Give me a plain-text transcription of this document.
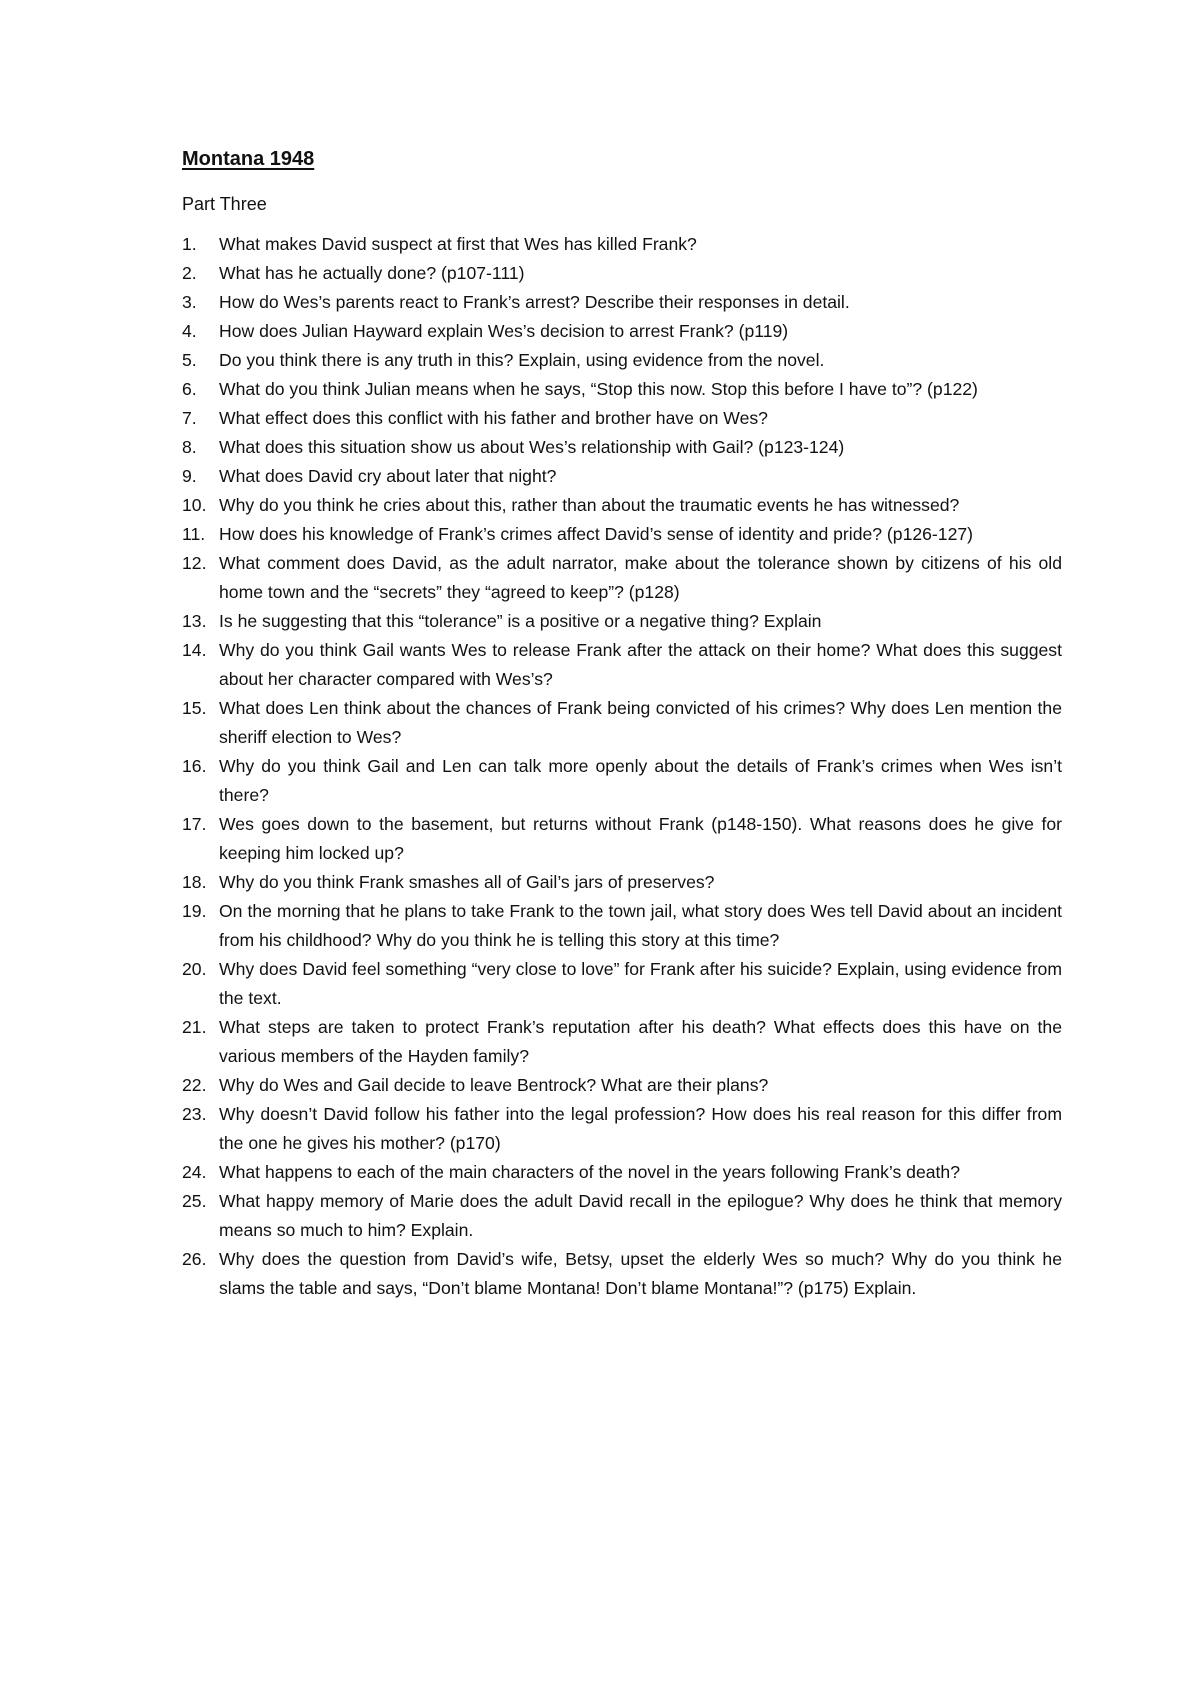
Montana 1948
Part Three
1.	What makes David suspect at first that Wes has killed Frank?
2.	What has he actually done? (p107-111)
3.	How do Wes’s parents react to Frank’s arrest? Describe their responses in detail.
4.	How does Julian Hayward explain Wes’s decision to arrest Frank? (p119)
5.	Do you think there is any truth in this? Explain, using evidence from the novel.
6.	What do you think Julian means when he says, “Stop this now. Stop this before I have to”? (p122)
7.	What effect does this conflict with his father and brother have on Wes?
8.	What does this situation show us about Wes’s relationship with Gail? (p123-124)
9.	What does David cry about later that night?
10. Why do you think he cries about this, rather than about the traumatic events he has witnessed?
11. How does his knowledge of Frank’s crimes affect David’s sense of identity and pride? (p126-127)
12. What comment does David, as the adult narrator, make about the tolerance shown by citizens of his old home town and the “secrets” they “agreed to keep”? (p128)
13. Is he suggesting that this “tolerance” is a positive or a negative thing? Explain
14. Why do you think Gail wants Wes to release Frank after the attack on their home? What does this suggest about her character compared with Wes’s?
15. What does Len think about the chances of Frank being convicted of his crimes? Why does Len mention the sheriff election to Wes?
16. Why do you think Gail and Len can talk more openly about the details of Frank’s crimes when Wes isn’t there?
17. Wes goes down to the basement, but returns without Frank (p148-150). What reasons does he give for keeping him locked up?
18. Why do you think Frank smashes all of Gail’s jars of preserves?
19. On the morning that he plans to take Frank to the town jail, what story does Wes tell David about an incident from his childhood? Why do you think he is telling this story at this time?
20. Why does David feel something “very close to love” for Frank after his suicide? Explain, using evidence from the text.
21. What steps are taken to protect Frank’s reputation after his death? What effects does this have on the various members of the Hayden family?
22. Why do Wes and Gail decide to leave Bentrock? What are their plans?
23. Why doesn’t David follow his father into the legal profession? How does his real reason for this differ from the one he gives his mother? (p170)
24. What happens to each of the main characters of the novel in the years following Frank’s death?
25. What happy memory of Marie does the adult David recall in the epilogue? Why does he think that memory means so much to him? Explain.
26. Why does the question from David’s wife, Betsy, upset the elderly Wes so much? Why do you think he slams the table and says, “Don’t blame Montana! Don’t blame Montana!”? (p175) Explain.
